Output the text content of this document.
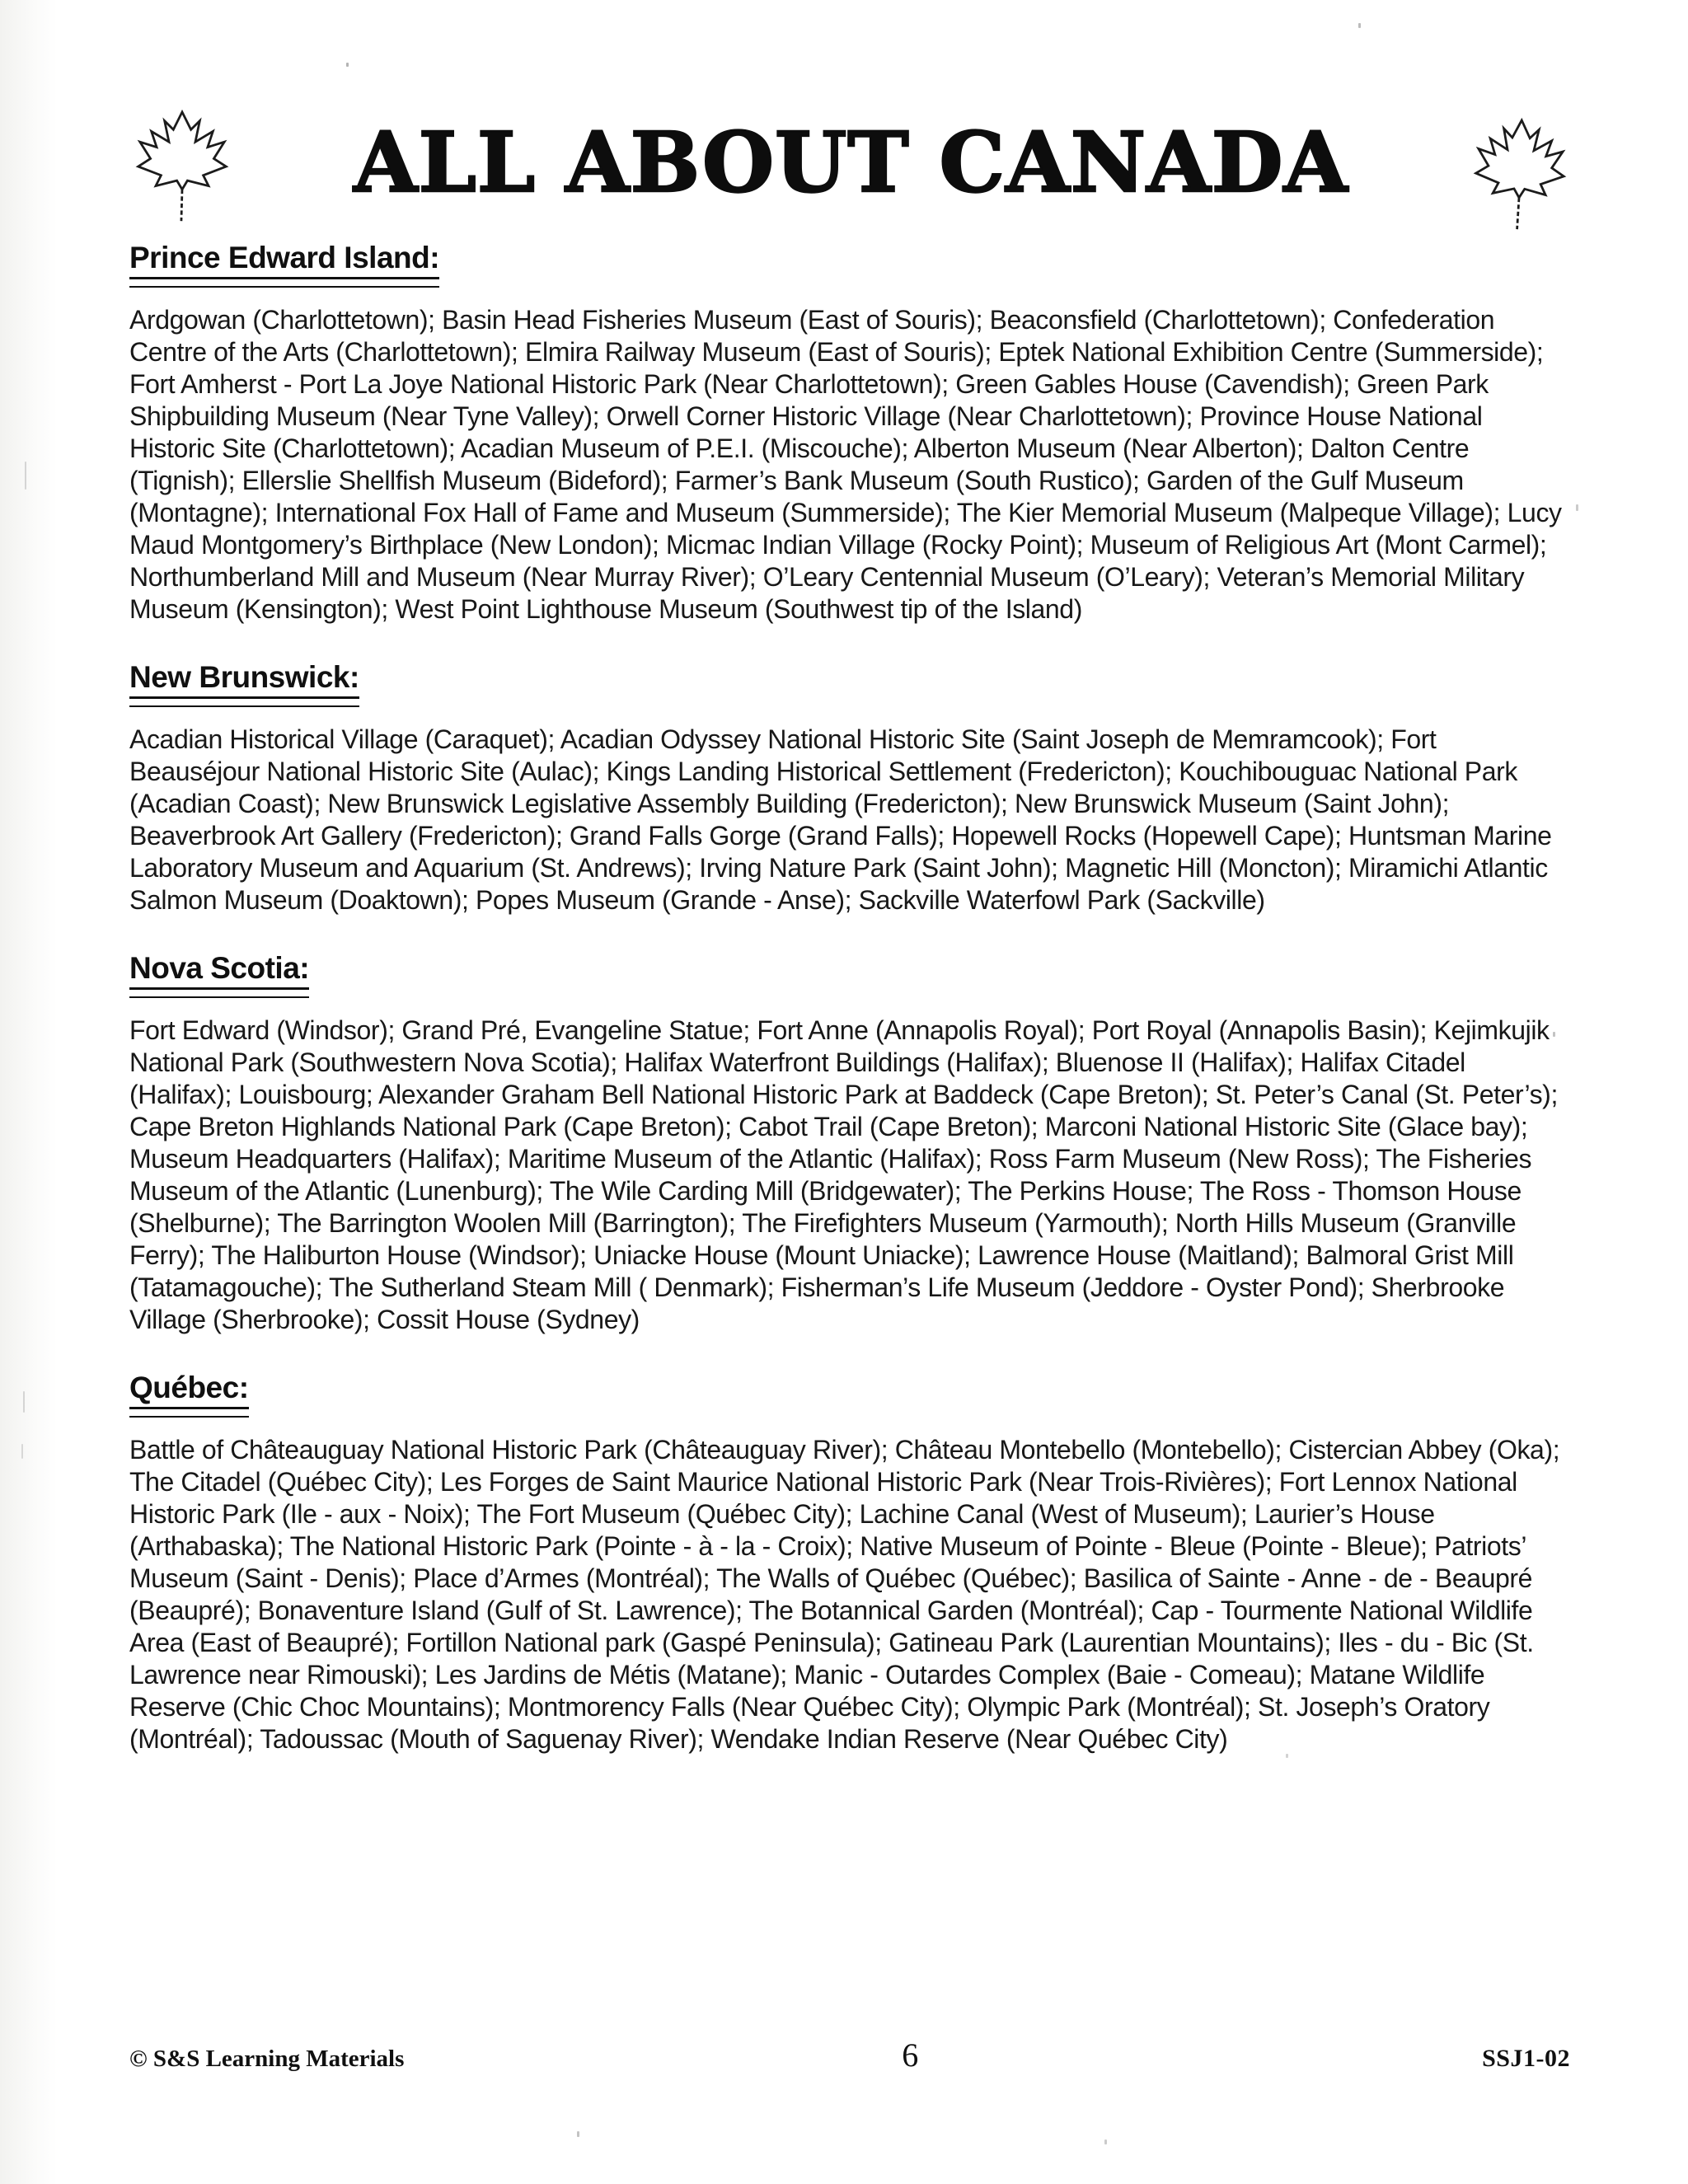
ALL ABOUT CANADA
Prince Edward Island:

Ardgowan (Charlottetown); Basin Head Fisheries Museum (East of Souris); Beaconsfield (Charlottetown); Confederation Centre of the Arts (Charlottetown); Elmira Railway Museum (East of Souris); Eptek National Exhibition Centre (Summerside); Fort Amherst - Port La Joye National Historic Park (Near Charlottetown); Green Gables House (Cavendish); Green Park Shipbuilding Museum (Near Tyne Valley); Orwell Corner Historic Village (Near Charlottetown); Province House National Historic Site (Charlottetown); Acadian Museum of P.E.I. (Miscouche); Alberton Museum (Near Alberton); Dalton Centre (Tignish); Ellerslie Shellfish Museum (Bideford); Farmer’s Bank Museum (South Rustico); Garden of the Gulf Museum (Montagne); International Fox Hall of Fame and Museum (Summerside); The Kier Memorial Museum (Malpeque Village); Lucy Maud Montgomery’s Birthplace (New London); Micmac Indian Village (Rocky Point); Museum of Religious Art (Mont Carmel); Northumberland Mill and Museum (Near Murray River); O’Leary Centennial Museum (O’Leary); Veteran’s Memorial Military Museum (Kensington); West Point Lighthouse Museum (Southwest tip of the Island)

New Brunswick:

Acadian Historical Village (Caraquet); Acadian Odyssey National Historic Site (Saint Joseph de Memramcook); Fort Beauséjour National Historic Site (Aulac); Kings Landing Historical Settlement (Fredericton); Kouchibouguac National Park (Acadian Coast); New Brunswick Legislative Assembly Building (Fredericton); New Brunswick Museum (Saint John); Beaverbrook Art Gallery (Fredericton); Grand Falls Gorge (Grand Falls); Hopewell Rocks (Hopewell Cape); Huntsman Marine Laboratory Museum and Aquarium (St. Andrews); Irving Nature Park (Saint John); Magnetic Hill (Moncton); Miramichi Atlantic Salmon Museum (Doaktown); Popes Museum (Grande - Anse); Sackville Waterfowl Park (Sackville)

Nova Scotia:

Fort Edward (Windsor); Grand Pré, Evangeline Statue; Fort Anne (Annapolis Royal); Port Royal (Annapolis Basin); Kejimkujik National Park (Southwestern Nova Scotia); Halifax Waterfront Buildings (Halifax); Bluenose II (Halifax); Halifax Citadel (Halifax); Louisbourg; Alexander Graham Bell National Historic Park at Baddeck (Cape Breton); St. Peter’s Canal (St. Peter’s); Cape Breton Highlands National Park (Cape Breton); Cabot Trail (Cape Breton); Marconi National Historic Site (Glace bay); Museum Headquarters (Halifax); Maritime Museum of the Atlantic (Halifax); Ross Farm Museum (New Ross); The Fisheries Museum of the Atlantic (Lunenburg); The Wile Carding Mill (Bridgewater); The Perkins House; The Ross - Thomson House (Shelburne); The Barrington Woolen Mill (Barrington); The Firefighters Museum (Yarmouth); North Hills Museum (Granville Ferry); The Haliburton House (Windsor); Uniacke House (Mount Uniacke); Lawrence House (Maitland); Balmoral Grist Mill (Tatamagouche); The Sutherland Steam Mill ( Denmark); Fisherman’s Life Museum (Jeddore - Oyster Pond); Sherbrooke Village (Sherbrooke); Cossit House (Sydney)

Québec:

Battle of Châteauguay National Historic Park (Châteauguay River); Château Montebello (Montebello); Cistercian Abbey (Oka); The Citadel (Québec City); Les Forges de Saint Maurice National Historic Park (Near Trois-Rivières); Fort Lennox National Historic Park (Ile - aux - Noix); The Fort Museum (Québec City); Lachine Canal (West of Museum); Laurier’s House (Arthabaska); The National Historic Park (Pointe - à - la - Croix); Native Museum of Pointe - Bleue (Pointe - Bleue); Patriots’ Museum (Saint - Denis); Place d’Armes (Montréal); The Walls of Québec (Québec); Basilica of Sainte - Anne - de - Beaupré (Beaupré); Bonaventure Island (Gulf of St. Lawrence); The Botannical Garden (Montréal); Cap - Tourmente National Wildlife Area (East of Beaupré); Fortillon National park (Gaspé Peninsula); Gatineau Park (Laurentian Mountains); Iles - du - Bic (St. Lawrence near Rimouski); Les Jardins de Métis (Matane); Manic - Outardes Complex (Baie - Comeau); Matane Wildlife Reserve (Chic Choc Mountains); Montmorency Falls (Near Québec City); Olympic Park (Montréal); St. Joseph’s Oratory (Montréal); Tadoussac (Mouth of Saguenay River); Wendake Indian Reserve (Near Québec City)

© S&S Learning Materials	6	SSJ1-02
